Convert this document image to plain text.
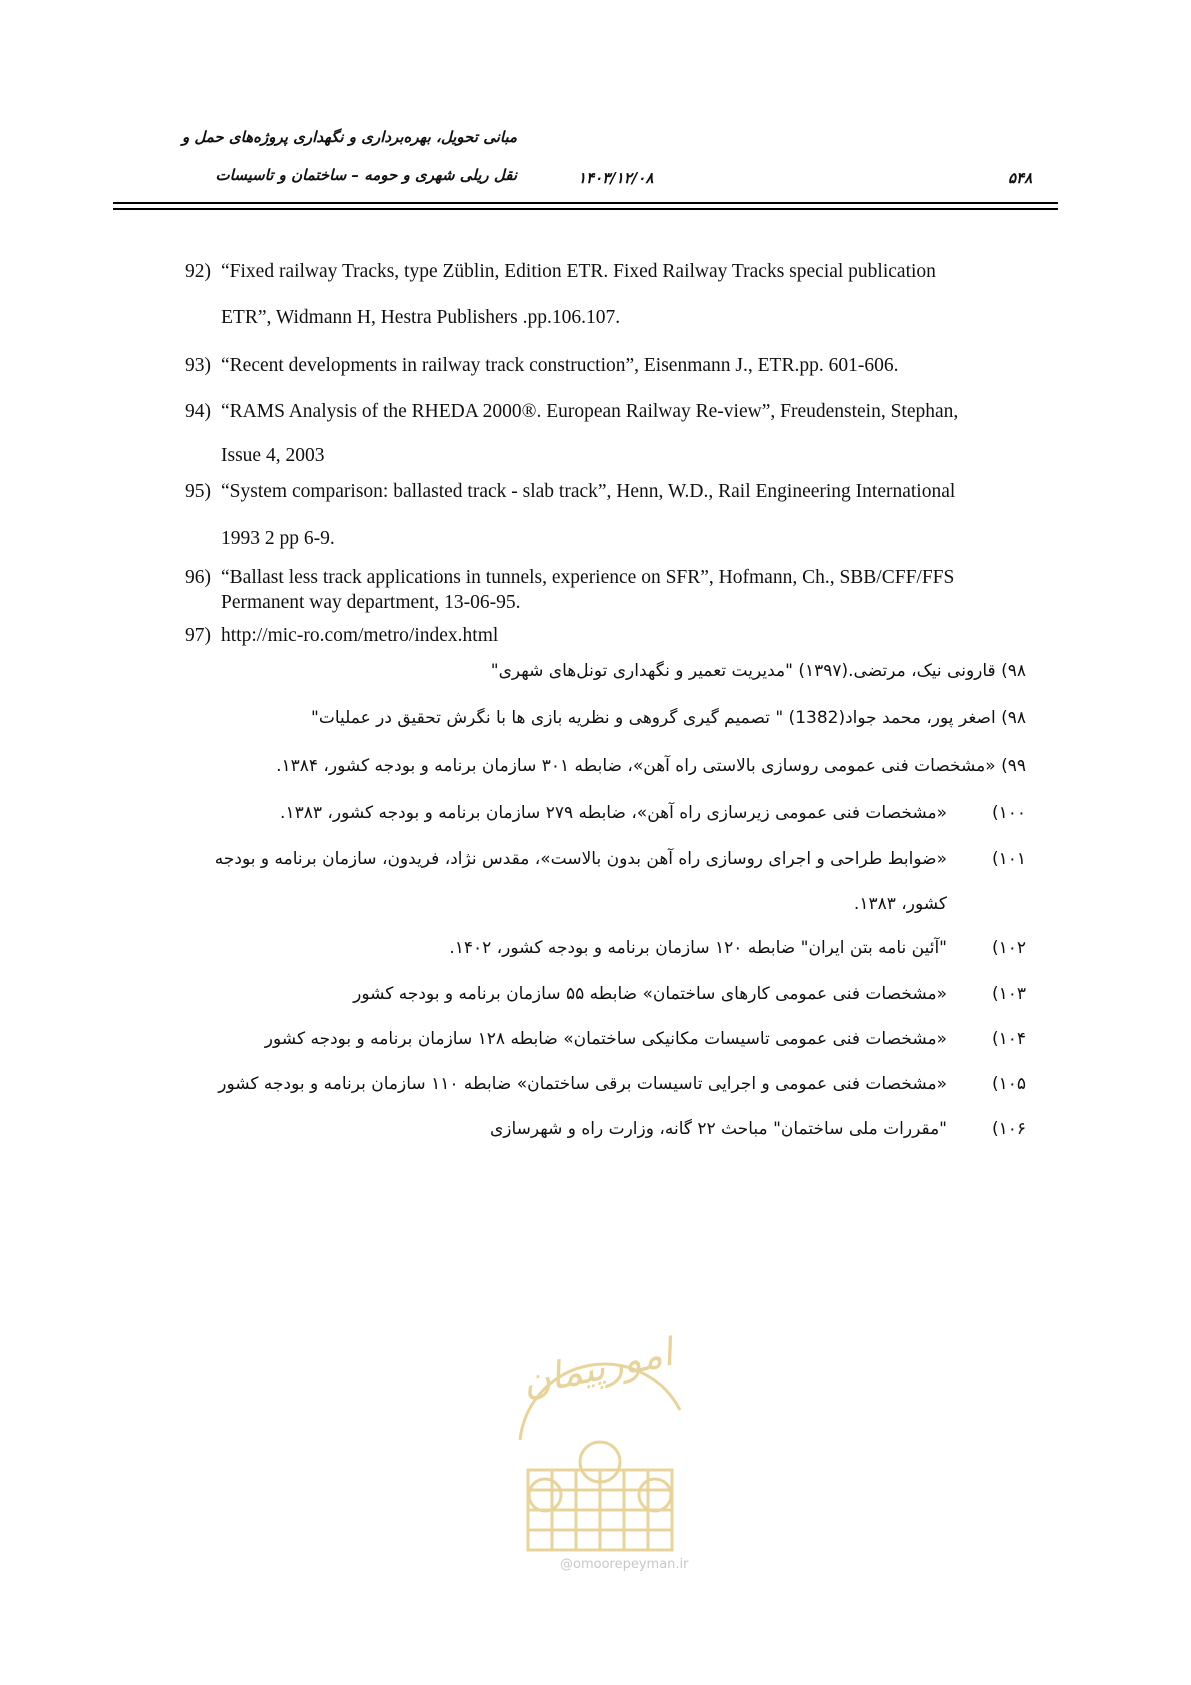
مبانی تحویل، بهره‌برداری و نگهداری پروژه‌های حمل و
نقل ریلی شهری و حومه – ساختمان و تاسیسات	۱۴۰۳/۱۲/۰۸	۵۴۸
92) “Fixed railway Tracks, type Züblin, Edition ETR. Fixed Railway Tracks special publication
ETR”, Widmann H, Hestra Publishers .pp.106.107.
93) “Recent developments in railway track construction”, Eisenmann J., ETR.pp. 601-606.
94) “RAMS Analysis of the RHEDA 2000®. European Railway Re-view”, Freudenstein, Stephan,
Issue 4, 2003
95) “System comparison: ballasted track - slab track”, Henn, W.D., Rail Engineering International
1993 2 pp 6-9.
96) “Ballast less track applications in tunnels, experience on SFR”, Hofmann, Ch., SBB/CFF/FFS
Permanent way department, 13-06-95.
97) http://mic-ro.com/metro/index.html
۹۸) قارونی نیک، مرتضی.(۱۳۹۷) "مدیریت تعمیر و نگهداری تونل‌های شهری"
۹۸) اصغر پور، محمد جواد(1382) " تصمیم گیری گروهی و نظریه بازی ها با نگرش تحقیق در عملیات"
۹۹) «مشخصات فنی عمومی روسازی بالاستی راه آهن»، ضابطه ۳۰۱ سازمان برنامه و بودجه کشور، ۱۳۸۴.
۱۰۰)
«مشخصات فنی عمومی زیرسازی راه آهن»، ضابطه ۲۷۹ سازمان برنامه و بودجه کشور، ۱۳۸۳.
۱۰۱)
«ضوابط طراحی و اجرای روسازی راه آهن بدون بالاست»، مقدس نژاد، فریدون، سازمان برنامه و بودجه
کشور، ۱۳۸۳.
۱۰۲)
"آئین نامه بتن ایران" ضابطه ۱۲۰ سازمان برنامه و بودجه کشور، ۱۴۰۲.
۱۰۳)
«مشخصات فنی عمومی کارهای ساختمان» ضابطه ۵۵ سازمان برنامه و بودجه کشور
۱۰۴)
«مشخصات فنی عمومی تاسیسات مکانیکی ساختمان» ضابطه ۱۲۸ سازمان برنامه و بودجه کشور
۱۰۵)
«مشخصات فنی عمومی و اجرایی تاسیسات برقی ساختمان» ضابطه ۱۱۰ سازمان برنامه و بودجه کشور
۱۰۶)
"مقررات ملی ساختمان" مباحث ۲۲ گانه، وزارت راه و شهرسازی
امورپیمان
@omoorepeyman.ir
